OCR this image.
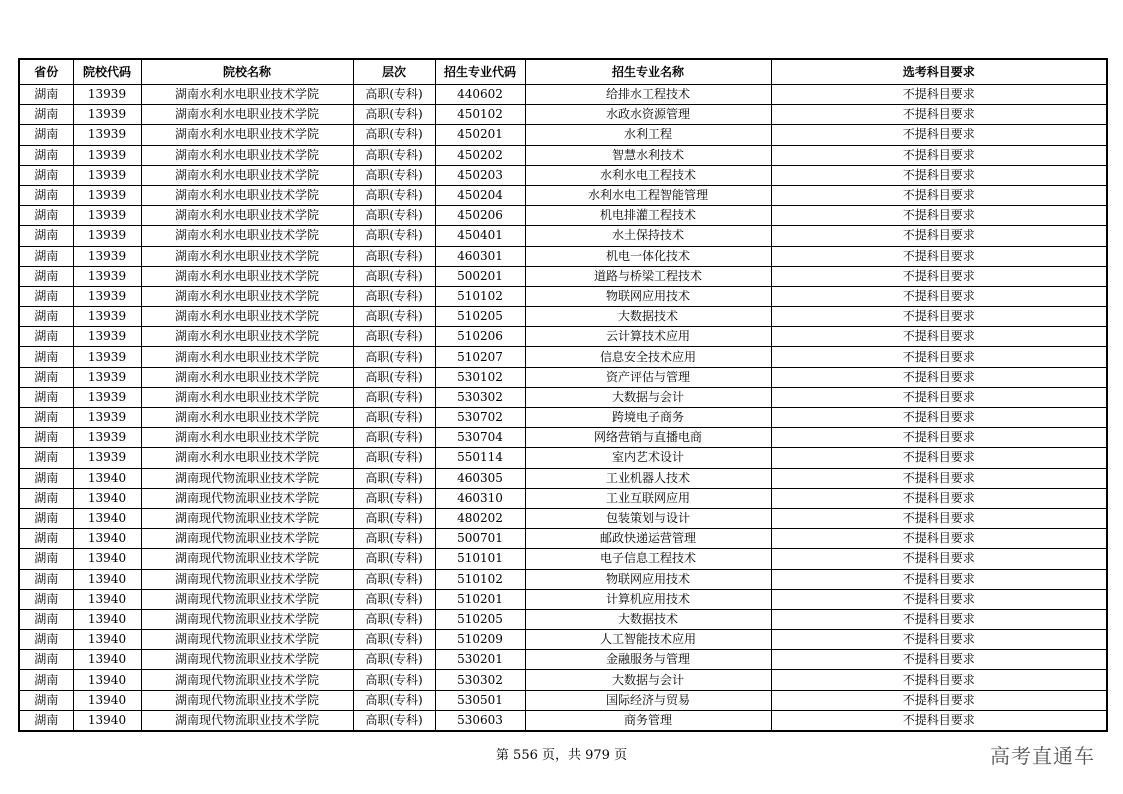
省份	院校代码	院校名称	层次	招生专业代码	招生专业名称	选考科目要求
湖南	13939	湖南水利水电职业技术学院	高职(专科)	440602	给排水工程技术	不提科目要求
湖南	13939	湖南水利水电职业技术学院	高职(专科)	450102	水政水资源管理	不提科目要求
湖南	13939	湖南水利水电职业技术学院	高职(专科)	450201	水利工程	不提科目要求
湖南	13939	湖南水利水电职业技术学院	高职(专科)	450202	智慧水利技术	不提科目要求
湖南	13939	湖南水利水电职业技术学院	高职(专科)	450203	水利水电工程技术	不提科目要求
湖南	13939	湖南水利水电职业技术学院	高职(专科)	450204	水利水电工程智能管理	不提科目要求
湖南	13939	湖南水利水电职业技术学院	高职(专科)	450206	机电排灌工程技术	不提科目要求
湖南	13939	湖南水利水电职业技术学院	高职(专科)	450401	水土保持技术	不提科目要求
湖南	13939	湖南水利水电职业技术学院	高职(专科)	460301	机电一体化技术	不提科目要求
湖南	13939	湖南水利水电职业技术学院	高职(专科)	500201	道路与桥梁工程技术	不提科目要求
湖南	13939	湖南水利水电职业技术学院	高职(专科)	510102	物联网应用技术	不提科目要求
湖南	13939	湖南水利水电职业技术学院	高职(专科)	510205	大数据技术	不提科目要求
湖南	13939	湖南水利水电职业技术学院	高职(专科)	510206	云计算技术应用	不提科目要求
湖南	13939	湖南水利水电职业技术学院	高职(专科)	510207	信息安全技术应用	不提科目要求
湖南	13939	湖南水利水电职业技术学院	高职(专科)	530102	资产评估与管理	不提科目要求
湖南	13939	湖南水利水电职业技术学院	高职(专科)	530302	大数据与会计	不提科目要求
湖南	13939	湖南水利水电职业技术学院	高职(专科)	530702	跨境电子商务	不提科目要求
湖南	13939	湖南水利水电职业技术学院	高职(专科)	530704	网络营销与直播电商	不提科目要求
湖南	13939	湖南水利水电职业技术学院	高职(专科)	550114	室内艺术设计	不提科目要求
湖南	13940	湖南现代物流职业技术学院	高职(专科)	460305	工业机器人技术	不提科目要求
湖南	13940	湖南现代物流职业技术学院	高职(专科)	460310	工业互联网应用	不提科目要求
湖南	13940	湖南现代物流职业技术学院	高职(专科)	480202	包装策划与设计	不提科目要求
湖南	13940	湖南现代物流职业技术学院	高职(专科)	500701	邮政快递运营管理	不提科目要求
湖南	13940	湖南现代物流职业技术学院	高职(专科)	510101	电子信息工程技术	不提科目要求
湖南	13940	湖南现代物流职业技术学院	高职(专科)	510102	物联网应用技术	不提科目要求
湖南	13940	湖南现代物流职业技术学院	高职(专科)	510201	计算机应用技术	不提科目要求
湖南	13940	湖南现代物流职业技术学院	高职(专科)	510205	大数据技术	不提科目要求
湖南	13940	湖南现代物流职业技术学院	高职(专科)	510209	人工智能技术应用	不提科目要求
湖南	13940	湖南现代物流职业技术学院	高职(专科)	530201	金融服务与管理	不提科目要求
湖南	13940	湖南现代物流职业技术学院	高职(专科)	530302	大数据与会计	不提科目要求
湖南	13940	湖南现代物流职业技术学院	高职(专科)	530501	国际经济与贸易	不提科目要求
湖南	13940	湖南现代物流职业技术学院	高职(专科)	530603	商务管理	不提科目要求
第 556 页，共 979 页	高考直通车
